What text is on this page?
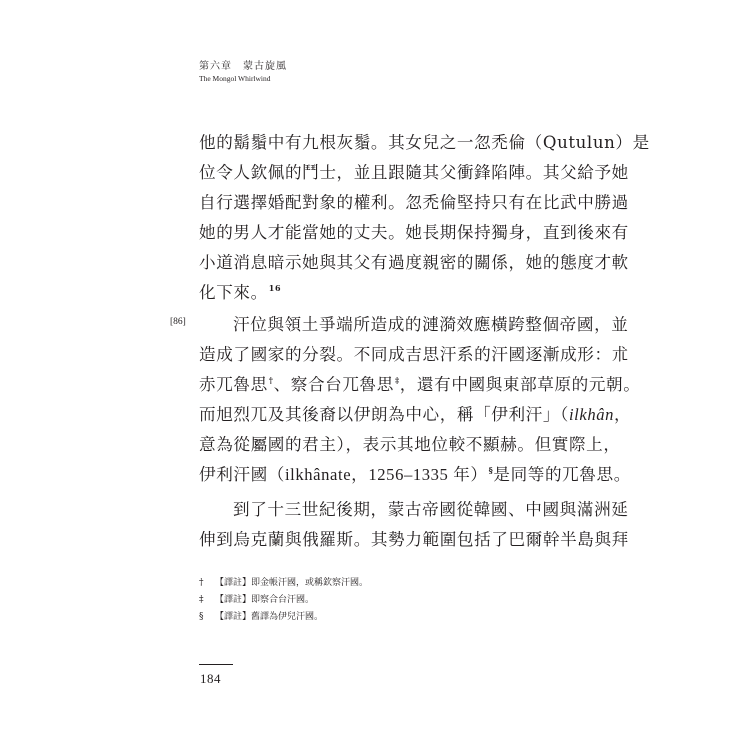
第六章　蒙古旋風
The Mongol Whirlwind
他的鬍鬚中有九根灰鬚。其女兒之一忽禿倫（Qutulun）是
位令人欽佩的鬥士，並且跟隨其父衝鋒陷陣。其父給予她
自行選擇婚配對象的權利。忽禿倫堅持只有在比武中勝過
她的男人才能當她的丈夫。她長期保持獨身，直到後來有
小道消息暗示她與其父有過度親密的關係，她的態度才軟
化下來。$^{16}$
[86]	汗位與領土爭端所造成的漣漪效應橫跨整個帝國，並
造成了國家的分裂。不同成吉思汗系的汗國逐漸成形：朮
赤兀魯思†、察合台兀魯思‡，還有中國與東部草原的元朝。
而旭烈兀及其後裔以伊朗為中心，稱「伊利汗」（ilkhân，
意為從屬國的君主），表示其地位較不顯赫。但實際上，
伊利汗國（ilkhânate，1256–1335 年）§是同等的兀魯思。
到了十三世紀後期，蒙古帝國從韓國、中國與滿洲延
伸到烏克蘭與俄羅斯。其勢力範圍包括了巴爾幹半島與拜
† 【譯註】即金帳汗國，或稱欽察汗國。
‡ 【譯註】即察合台汗國。
§ 【譯註】舊譯為伊兒汗國。
184
